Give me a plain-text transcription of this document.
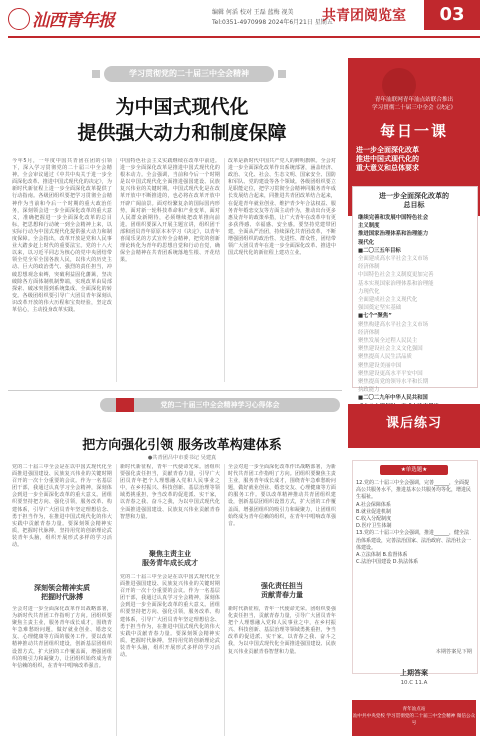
汕西青年报	编辑 何滔 校对 王磊 蓝梅 视美
Tel:0351-4970998 2024年6月21日 星期五
共青团阅览室	03
学习贯彻党的二十届三中全会精神
为中国式现代化
提供强大动力和制度保障
今年5月，一年度中国共青团在团的引领下，深入学习贯彻党的二十届三中全会精神。全会审议通过《中共中央关于进一步全面深化改革、推进中国式现代化的决定》，为新时代新征程上进一步全面深化改革提供了行动指南。各级团组织要把学习贯彻全会精神作为当前和今后一个时期的重大政治任务，深刻领会进一步全面深化改革的重大意义，准确把握进一步全面深化改革的总目标，把思想和行动统一到全会精神上来，以实际行动为中国式现代化提供强大动力和制度保障。全会指出，改革开放是党和人民事业大踏步赶上时代的重要法宝。党的十八大以来，以习近平同志为核心的党中央团结带领全党全军全国各族人民，以伟大的历史主动、巨大的政治勇气、强烈的责任担当，冲破思想观念束缚，突破利益固化藩篱，坚决破除各方面体制机制弊端，实现改革由局部探索、破冰突围到系统集成、全面深化的转变。各级团组织要引导广大团员青年深刻认识改革开放的伟大历程和宝贵经验，坚定改革信心，主动投身改革实践。
中国特色社会主义实践继续在改革中前进。进一步全面深化改革是推进中国式现代化的根本动力。全会强调，当前和今后一个时期是以中国式现代化全面推进强国建设、民族复兴伟业的关键时期。中国式现代化是在改革开放中不断推进的，也必将在改革开放中开辟广阔前景。面对纷繁复杂的国际国内形势，面对新一轮科技革命和产业变革，面对人民群众新期待，必须继续把改革推向前进。团组织要深入开展主题宣讲，组织团干部和团员青年原原本本学习《决定》，以青年喜闻乐见的方式宣传全会精神，把党的创新理论转化为青年的思想自觉和行动自觉，确保全会精神在共青团系统落地生根、开花结果。
改革是新时代中国共产党人的鲜明旗帜。全会对进一步全面深化改革作出系统部署，涵盖经济、政治、文化、社会、生态文明、国家安全、国防和军队、党的建设等各个领域。各级团组织要立足职能定位，把学习贯彻全会精神同服务青年成长发展结合起来，同推进共青团改革结合起来，在促进青年就业创业、维护青少年合法权益、服务青年婚恋交友等方面主动作为，推动出台更多惠及青年的政策举措，让广大青年在改革中有更多获得感、幸福感、安全感。要坚持党建带团建，全面从严治团，持续深化共青团改革，不断增强团组织的政治性、先进性、群众性，团结带领广大团员青年在进一步全面深化改革、推进中国式现代化的新征程上建功立业。
青年汕联网青年汕点站联合推出
学习贯彻二十届三中全会《决定》
每日一课
进一步全面深化改革
推进中国式现代化的
重大意义和总体要求
进一步全面深化改革的
总目标
继续完善和发展中国特色社会
主义制度
推进国家治理体系和治理能力
现代化
■二〇三五年目标
全面建成高水平社会主义市场
经济体制
中国特色社会主义制度更加完善
基本实现国家治理体系和治理能
力现代化
全面建成社会主义现代化
强国奠定坚实基础
■七个“聚焦”
聚焦构建高水平社会主义市场
经济体制
聚焦发展全过程人民民主
聚焦建设社会主义文化强国
聚焦提高人民生活品质
聚焦建设美丽中国
聚焦建设更高水平平安中国
聚焦提高党的领导水平和长期
执政能力
■二〇二九年中华人民共和国
党的二十届三中全会精神学习心得体会
把方向强化引领 服务改革构建体系
●共青团吕中市委书记 吴建真
深刻领会精神实质
把握时代脉搏
党的二十届三中全会是在以中国式现代化全面推进强国建设、民族复兴伟业的关键时期召开的一次十分重要的会议。作为一名基层团干部，我通过认真学习全会精神，深刻体会到进一步全面深化改革的重大意义。团组织要坚持把方向、强化引领，服务改革、构建体系，引导广大团员青年坚定理想信念、勇于担当作为，在推进中国式现代化的伟大实践中贡献青春力量。要深刻领会精神实质，把握时代脉搏，坚持用党的创新理论武装青年头脑，组织开展形式多样的学习活动。
全会对进一步全面深化改革作出战略部署，为新时代共青团工作指明了方向。团组织要聚焦主责主业，服务青年成长成才，围绕青年急难愁盼问题，做好就业创业、婚恋交友、心理健康等方面的服务工作。要以改革精神推动共青团组织建设，创新基层团组织设置方式，扩大团的工作覆盖面，增强团组织的吸引力和凝聚力，让团组织始终成为青年信赖的组织，在青年中唱响改革强音。
新时代新征程，青年一代使命光荣。团组织要强化责任担当，贡献青春力量，引导广大团员青年把个人理想融入党和人民事业之中，在乡村振兴、科技创新、基层治理等领域勇挑重担，争当改革的促进派、实干家，以青春之我、奋斗之我，为以中国式现代化全面推进强国建设、民族复兴伟业贡献青春智慧和力量。
聚焦主责主业
服务青年成长成才
党的二十届三中全会是在以中国式现代化全面推进强国建设、民族复兴伟业的关键时期召开的一次十分重要的会议。作为一名基层团干部，我通过认真学习全会精神，深刻体会到进一步全面深化改革的重大意义。团组织要坚持把方向、强化引领，服务改革、构建体系，引导广大团员青年坚定理想信念、勇于担当作为，在推进中国式现代化的伟大实践中贡献青春力量。要深刻领会精神实质，把握时代脉搏，坚持用党的创新理论武装青年头脑，组织开展形式多样的学习活动。
全会对进一步全面深化改革作出战略部署，为新时代共青团工作指明了方向。团组织要聚焦主责主业，服务青年成长成才，围绕青年急难愁盼问题，做好就业创业、婚恋交友、心理健康等方面的服务工作。要以改革精神推动共青团组织建设，创新基层团组织设置方式，扩大团的工作覆盖面，增强团组织的吸引力和凝聚力，让团组织始终成为青年信赖的组织，在青年中唱响改革强音。
强化责任担当
贡献青春力量
新时代新征程，青年一代使命光荣。团组织要强化责任担当，贡献青春力量，引导广大团员青年把个人理想融入党和人民事业之中，在乡村振兴、科技创新、基层治理等领域勇挑重担，争当改革的促进派、实干家，以青春之我、奋斗之我，为以中国式现代化全面推进强国建设、民族复兴伟业贡献青春智慧和力量。
课后练习
★单选题★
12.党的二十届三中全会强调，完善______，全面提高公共服务水平，推进基本公共服务均等化，增进民生福祉。
A.社会保障体系
B.就业促进机制
C.收入分配制度
D.医疗卫生体制
13.党的二十届三中全会强调，推进______，健全法治体系建设，完善法治国家、法治政府、法治社会一体建设。
A.立法体制 B.监督体系
C.法治中国建设 D.执法体系
本期答案见下期
上期答案
10.C 11.A
青年汕点站
汕中共中央党校 学习贯彻党的二十届三中全会精神 微信公众号
